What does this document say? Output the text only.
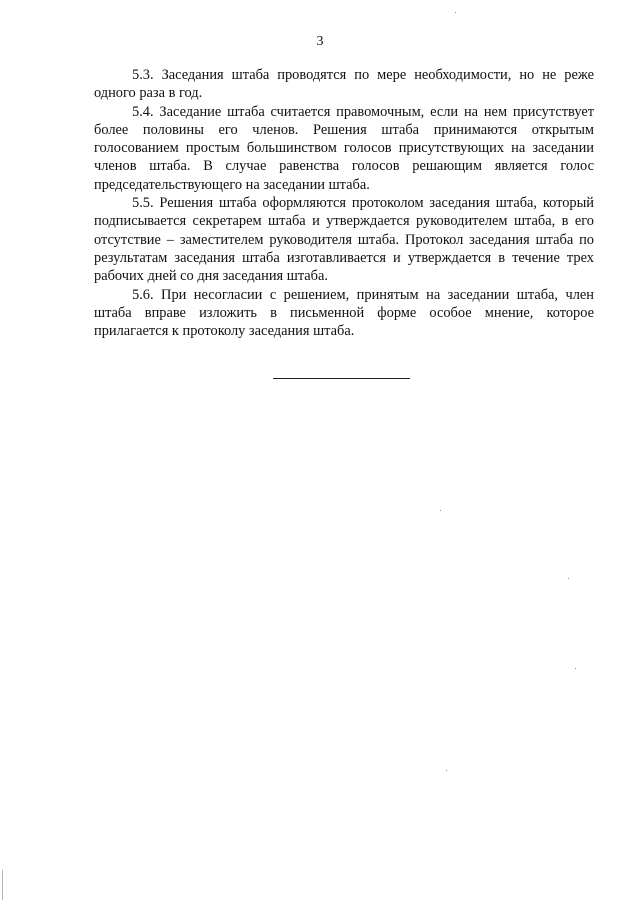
3

5.3. Заседания штаба проводятся по мере необходимости, но не реже одного раза в год.

5.4. Заседание штаба считается правомочным, если на нем присутствует более половины его членов. Решения штаба принимаются открытым голосованием простым большинством голосов присутствующих на заседании членов штаба. В случае равенства голосов решающим является голос председательствующего на заседании штаба.

5.5. Решения штаба оформляются протоколом заседания штаба, который подписывается секретарем штаба и утверждается руководителем штаба, в его отсутствие – заместителем руководителя штаба. Протокол заседания штаба по результатам заседания штаба изготавливается и утверждается в течение трех рабочих дней со дня заседания штаба.

5.6. При несогласии с решением, принятым на заседании штаба, член штаба вправе изложить в письменной форме особое мнение, которое прилагается к протоколу заседания штаба.
